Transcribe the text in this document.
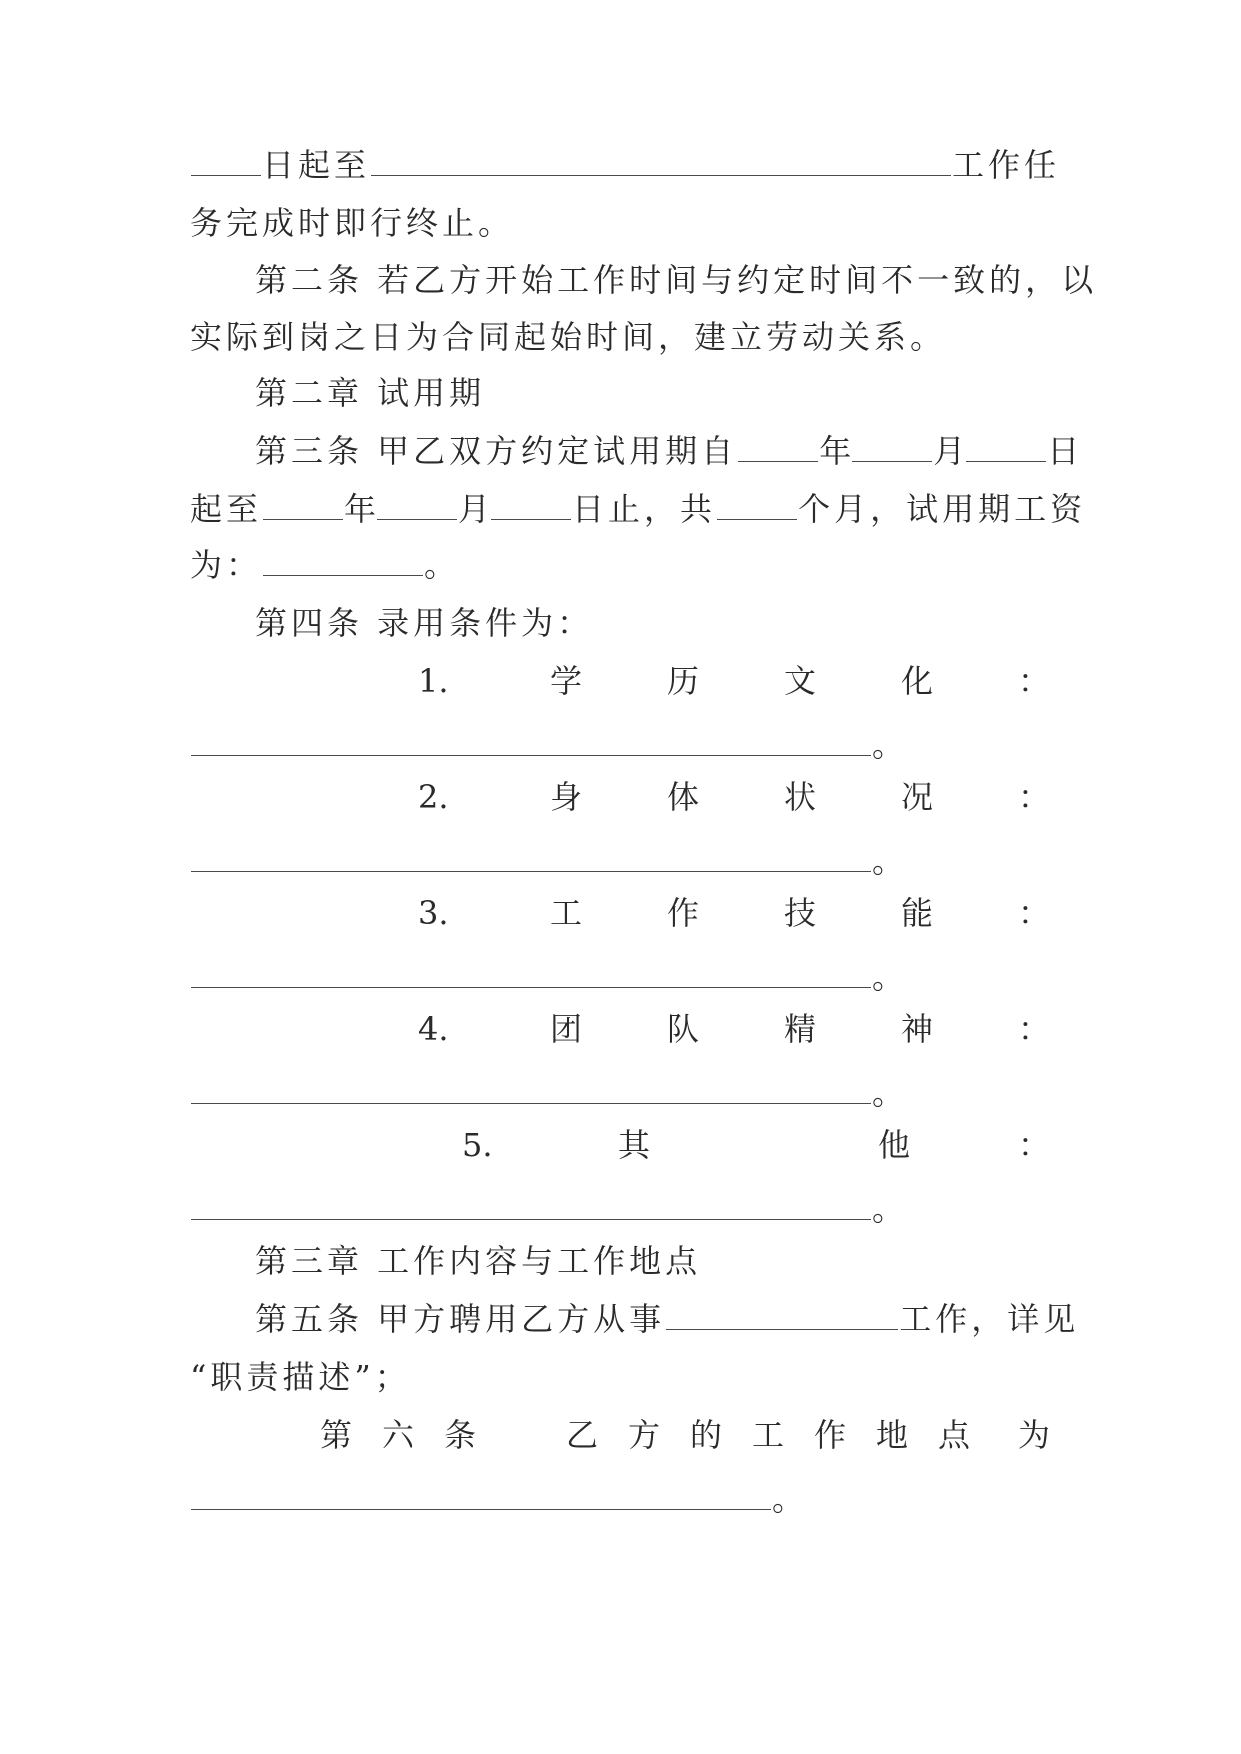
日起至	工作任
务完成时即行终止。
第二条 若乙方开始工作时间与约定时间不一致的，以
实际到岗之日为合同起始时间，建立劳动关系。
第二章 试用期
第三条 甲乙双方约定试用期自	年	月	日
起至	年	月	日止，共	个月，试用期工资
为：	。
第四条 录用条件为：
1.	学	历	文	化	：
。
2.	身	体	状	况	：
。
3.	工	作	技	能	：
。
4.	团	队	精	神	：
。
5.	其	他	：
。
第三章 工作内容与工作地点
第五条 甲方聘用乙方从事	工作，详见
“职责描述”；
第 六 条	乙 方 的 工 作 地 点 为
。
